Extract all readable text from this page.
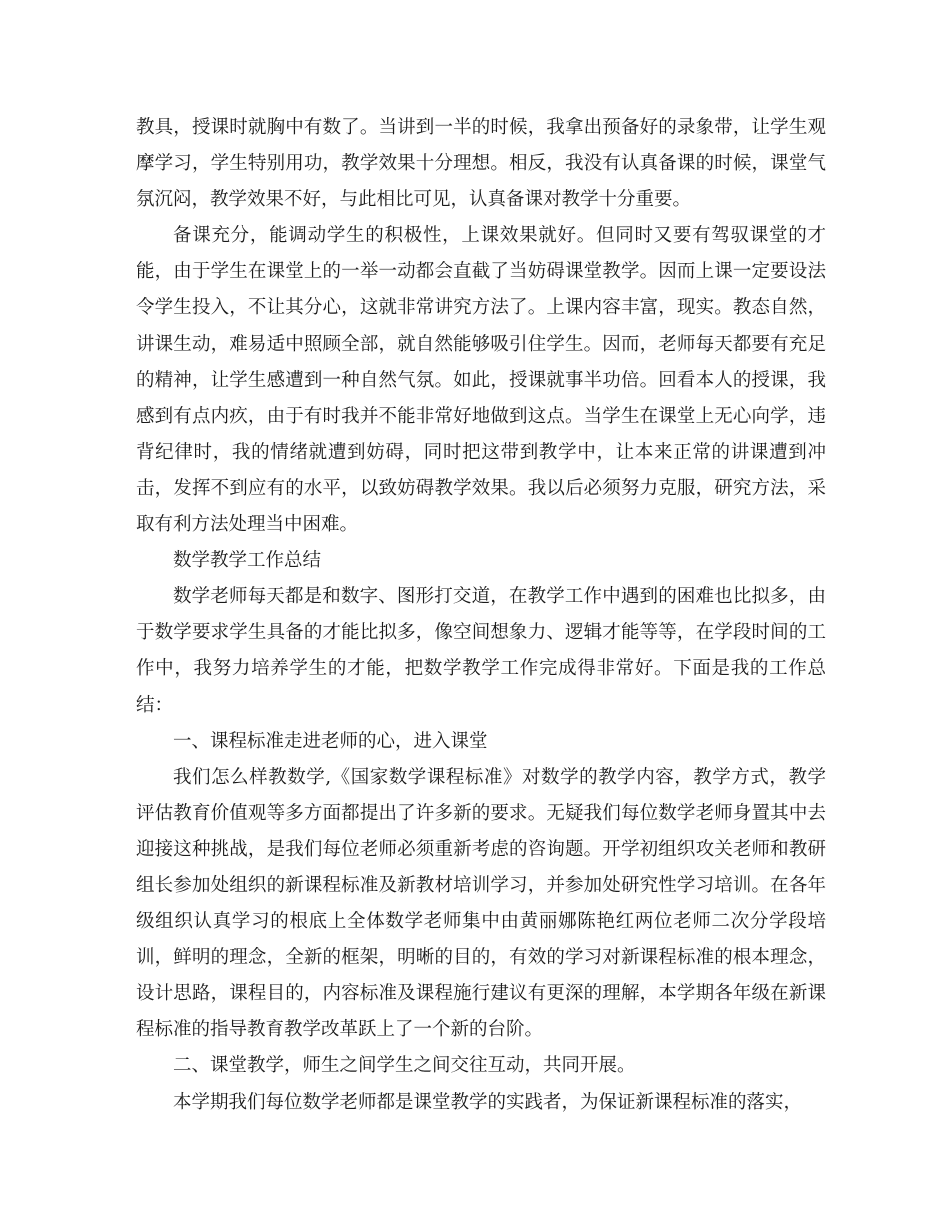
教具，授课时就胸中有数了。当讲到一半的时候，我拿出预备好的录象带，让学生观摩学习，学生特别用功，教学效果十分理想。相反，我没有认真备课的时候，课堂气氛沉闷，教学效果不好，与此相比可见，认真备课对教学十分重要。

备课充分，能调动学生的积极性，上课效果就好。但同时又要有驾驭课堂的才能，由于学生在课堂上的一举一动都会直截了当妨碍课堂教学。因而上课一定要设法令学生投入，不让其分心，这就非常讲究方法了。上课内容丰富，现实。教态自然，讲课生动，难易适中照顾全部，就自然能够吸引住学生。因而，老师每天都要有充足的精神，让学生感遭到一种自然气氛。如此，授课就事半功倍。回看本人的授课，我感到有点内疚，由于有时我并不能非常好地做到这点。当学生在课堂上无心向学，违背纪律时，我的情绪就遭到妨碍，同时把这带到教学中，让本来正常的讲课遭到冲击，发挥不到应有的水平，以致妨碍教学效果。我以后必须努力克服，研究方法，采取有利方法处理当中困难。

数学教学工作总结

数学老师每天都是和数字、图形打交道，在教学工作中遇到的困难也比拟多，由于数学要求学生具备的才能比拟多，像空间想象力、逻辑才能等等，在学段时间的工作中，我努力培养学生的才能，把数学教学工作完成得非常好。下面是我的工作总结：

一、课程标准走进老师的心，进入课堂

我们怎么样教数学,《国家数学课程标准》对数学的教学内容，教学方式，教学评估教育价值观等多方面都提出了许多新的要求。无疑我们每位数学老师身置其中去迎接这种挑战，是我们每位老师必须重新考虑的咨询题。开学初组织攻关老师和教研组长参加处组织的新课程标准及新教材培训学习，并参加处研究性学习培训。在各年级组织认真学习的根底上全体数学老师集中由黄丽娜陈艳红两位老师二次分学段培训，鲜明的理念，全新的框架，明晰的目的，有效的学习对新课程标准的根本理念，设计思路，课程目的，内容标准及课程施行建议有更深的理解，本学期各年级在新课程标准的指导教育教学改革跃上了一个新的台阶。

二、课堂教学，师生之间学生之间交往互动，共同开展。

本学期我们每位数学老师都是课堂教学的实践者，为保证新课程标准的落实，
